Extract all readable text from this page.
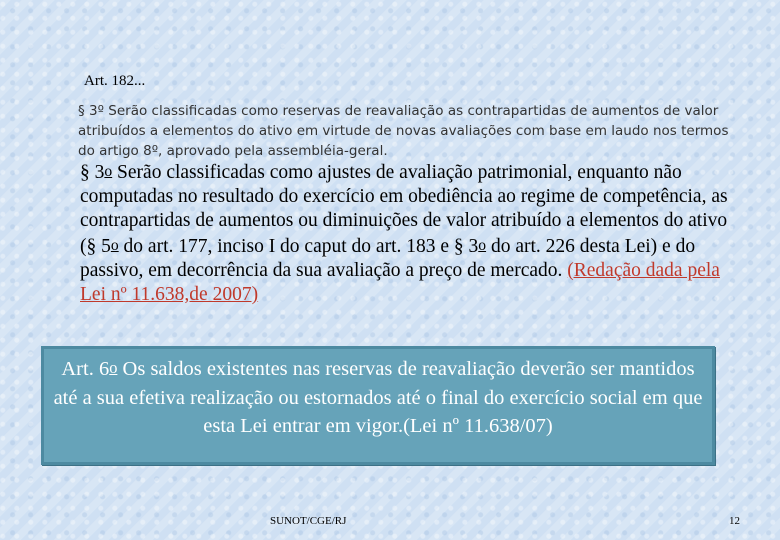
Art. 182...
§ 3º Serão classificadas como reservas de reavaliação as contrapartidas de aumentos de valor atribuídos a elementos do ativo em virtude de novas avaliações com base em laudo nos termos do artigo 8º, aprovado pela assembléia-geral.
§ 3o Serão classificadas como ajustes de avaliação patrimonial, enquanto não computadas no resultado do exercício em obediência ao regime de competência, as contrapartidas de aumentos ou diminuições de valor atribuído a elementos do ativo (§ 5o do art. 177, inciso I do caput do art. 183 e § 3o do art. 226 desta Lei) e do passivo, em decorrência da sua avaliação a preço de mercado. (Redação dada pela Lei nº 11.638,de 2007)
Art. 6o Os saldos existentes nas reservas de reavaliação deverão ser mantidos até a sua efetiva realização ou estornados até o final do exercício social em que esta Lei entrar em vigor.(Lei nº 11.638/07)
SUNOT/CGE/RJ	12
